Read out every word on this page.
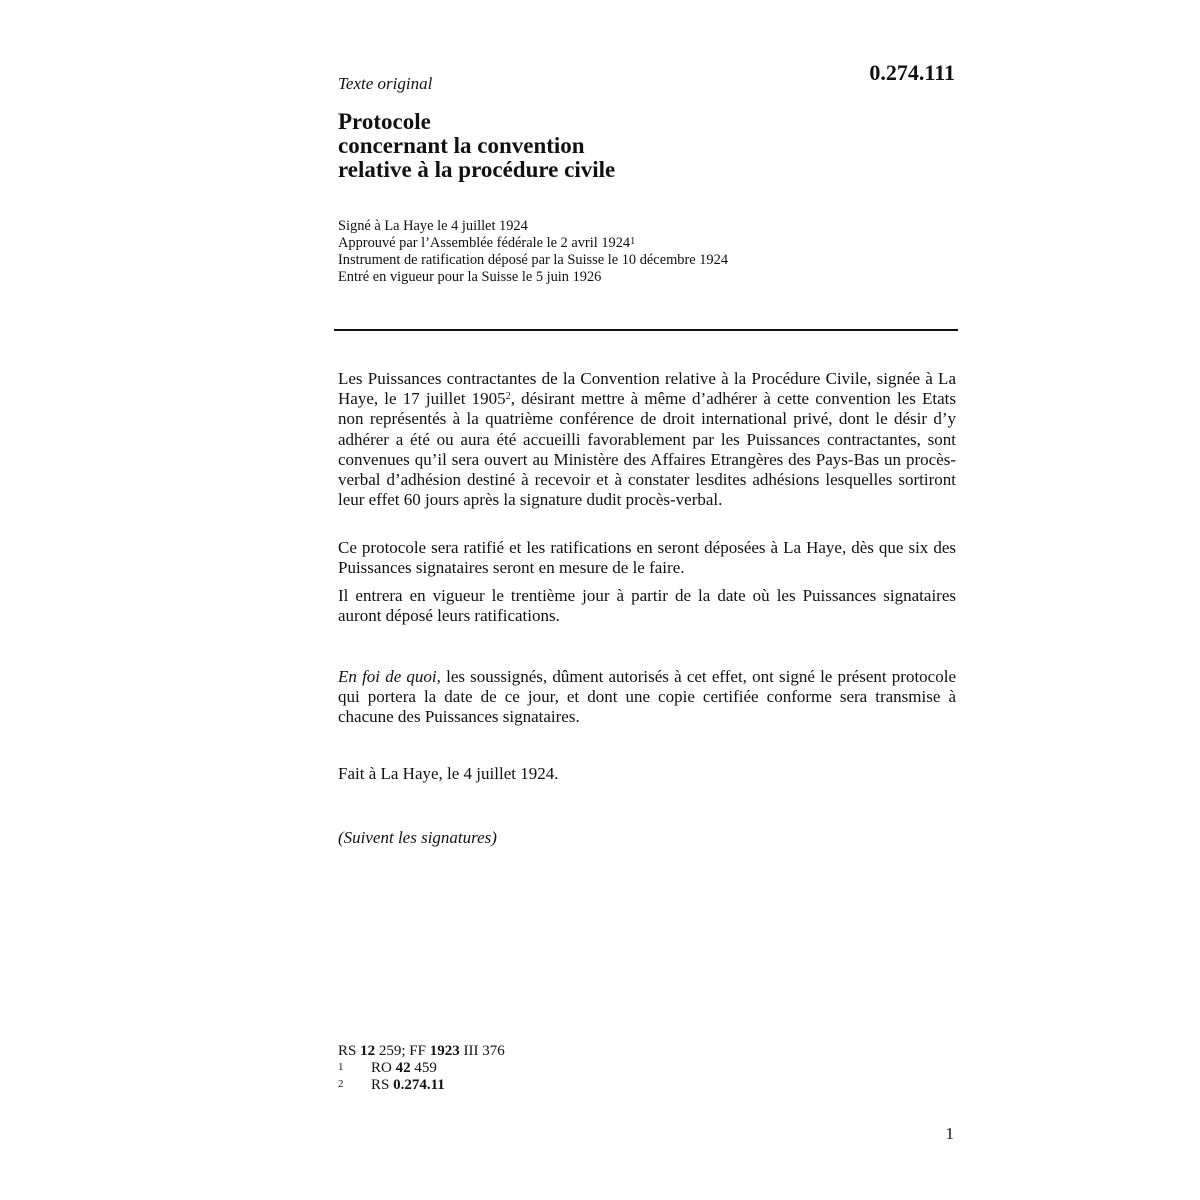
0.274.111
Texte original
Protocole
concernant la convention
relative à la procédure civile
Signé à La Haye le 4 juillet 1924
Approuvé par l’Assemblée fédérale le 2 avril 1924$^1$
Instrument de ratification déposé par la Suisse le 10 décembre 1924
Entré en vigueur pour la Suisse le 5 juin 1926

Les Puissances contractantes de la Convention relative à la Procédure Civile, signée à La Haye, le 17 juillet 1905$^2$, désirant mettre à même d’adhérer à cette convention les Etats non représentés à la quatrième conférence de droit international privé, dont le désir d’y adhérer a été ou aura été accueilli favorablement par les Puissances contractantes, sont convenues qu’il sera ouvert au Ministère des Affaires Etrangères des Pays-Bas un procès-verbal d’adhésion destiné à recevoir et à constater lesdites adhésions lesquelles sortiront leur effet 60 jours après la signature dudit procès-verbal.

Ce protocole sera ratifié et les ratifications en seront déposées à La Haye, dès que six des Puissances signataires seront en mesure de le faire.

Il entrera en vigueur le trentième jour à partir de la date où les Puissances signataires auront déposé leurs ratifications.

En foi de quoi, les soussignés, dûment autorisés à cet effet, ont signé le présent protocole qui portera la date de ce jour, et dont une copie certifiée conforme sera transmise à chacune des Puissances signataires.

Fait à La Haye, le 4 juillet 1924.

(Suivent les signatures)

RS 12 259; FF 1923 III 376
1	RO 42 459
2	RS 0.274.11
1
